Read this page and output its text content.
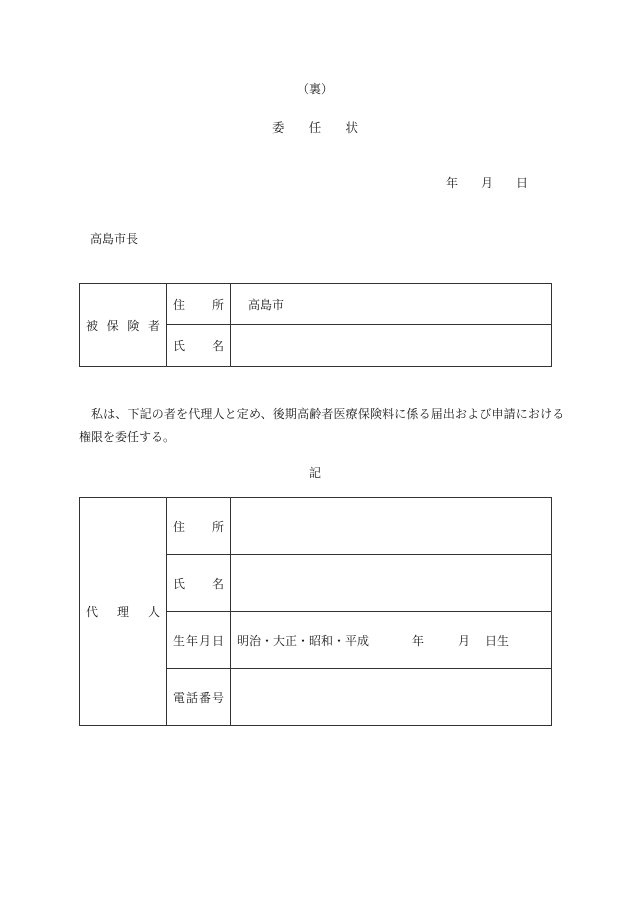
（裏）
委 任 状
年 月 日
高島市長
被 保 険 者	住 所	高島市

	氏 名	

私は、下記の者を代理人と定め、後期高齢者医療保険料に係る届出および申請における
権限を委任する。
記
代 理 人	住 所	

	氏 名	

	生 年 月 日	明治・大正・昭和・平成 年 月 日生

	電 話 番 号	
